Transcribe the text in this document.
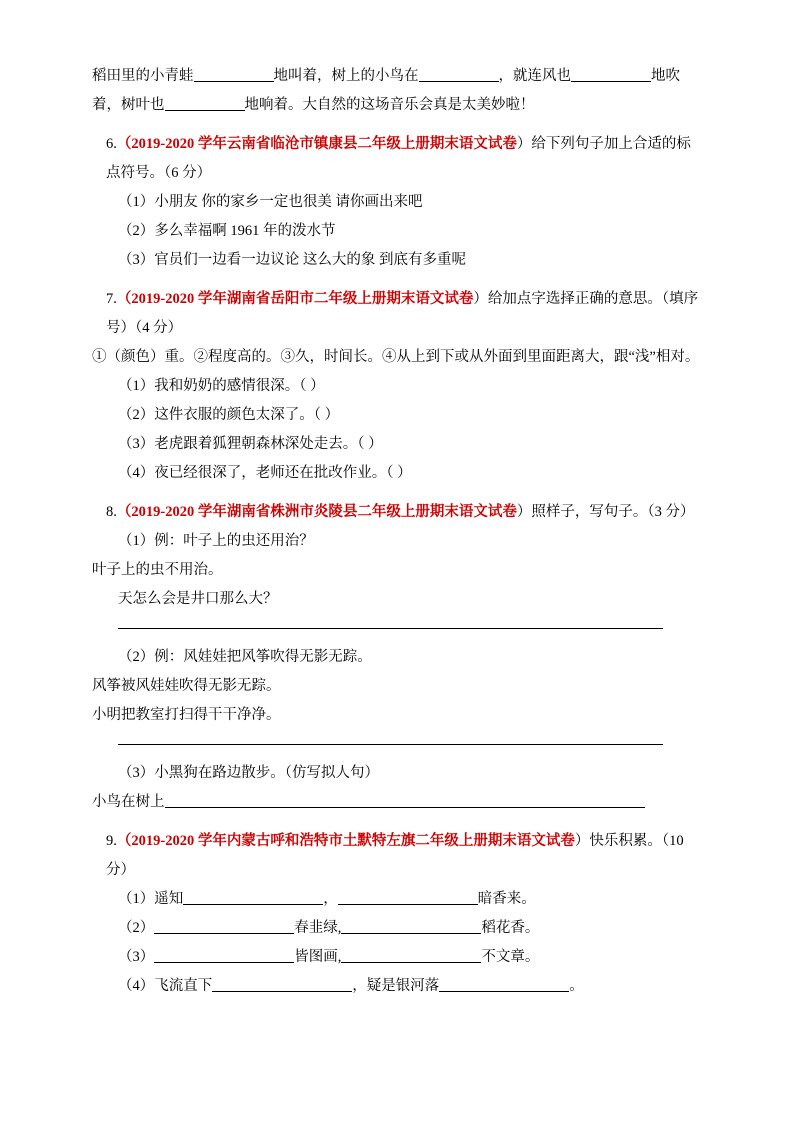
稻田里的小青蛙	地叫着，树上的小鸟在	，就连风也	地吹着，树叶也	地响着。大自然的这场音乐会真是太美妙啦！
6.（2019-2020 学年云南省临沧市镇康县二年级上册期末语文试卷）给下列句子加上合适的标点符号。（6 分）
（1）小朋友 你的家乡一定也很美 请你画出来吧
（2）多么幸福啊 1961 年的泼水节
（3）官员们一边看一边议论 这么大的象 到底有多重呢
7.（2019-2020 学年湖南省岳阳市二年级上册期末语文试卷）给加点字选择正确的意思。（填序号）（4 分）
①（颜色）重。②程度高的。③久，时间长。④从上到下或从外面到里面距离大，跟“浅”相对。
（1）我和奶奶的感情很深。（ ）
（2）这件衣服的颜色太深了。（ ）
（3）老虎跟着狐狸朝森林深处走去。（ ）
（4）夜已经很深了，老师还在批改作业。（ ）
8.（2019-2020 学年湖南省株洲市炎陵县二年级上册期末语文试卷）照样子，写句子。（3 分）
（1）例：叶子上的虫还用治？
叶子上的虫不用治。
天怎么会是井口那么大？
（2）例：风娃娃把风筝吹得无影无踪。
风筝被风娃娃吹得无影无踪。
小明把教室打扫得干干净净。
（3）小黑狗在路边散步。（仿写拟人句）
小鸟在树上
9.（2019-2020 学年内蒙古呼和浩特市土默特左旗二年级上册期末语文试卷）快乐积累。（10 分）
（1）遥知	，	暗香来。
（2）	春韭绿,	稻花香。
（3）	皆图画,	不文章。
（4）飞流直下	，疑是银河落	。
